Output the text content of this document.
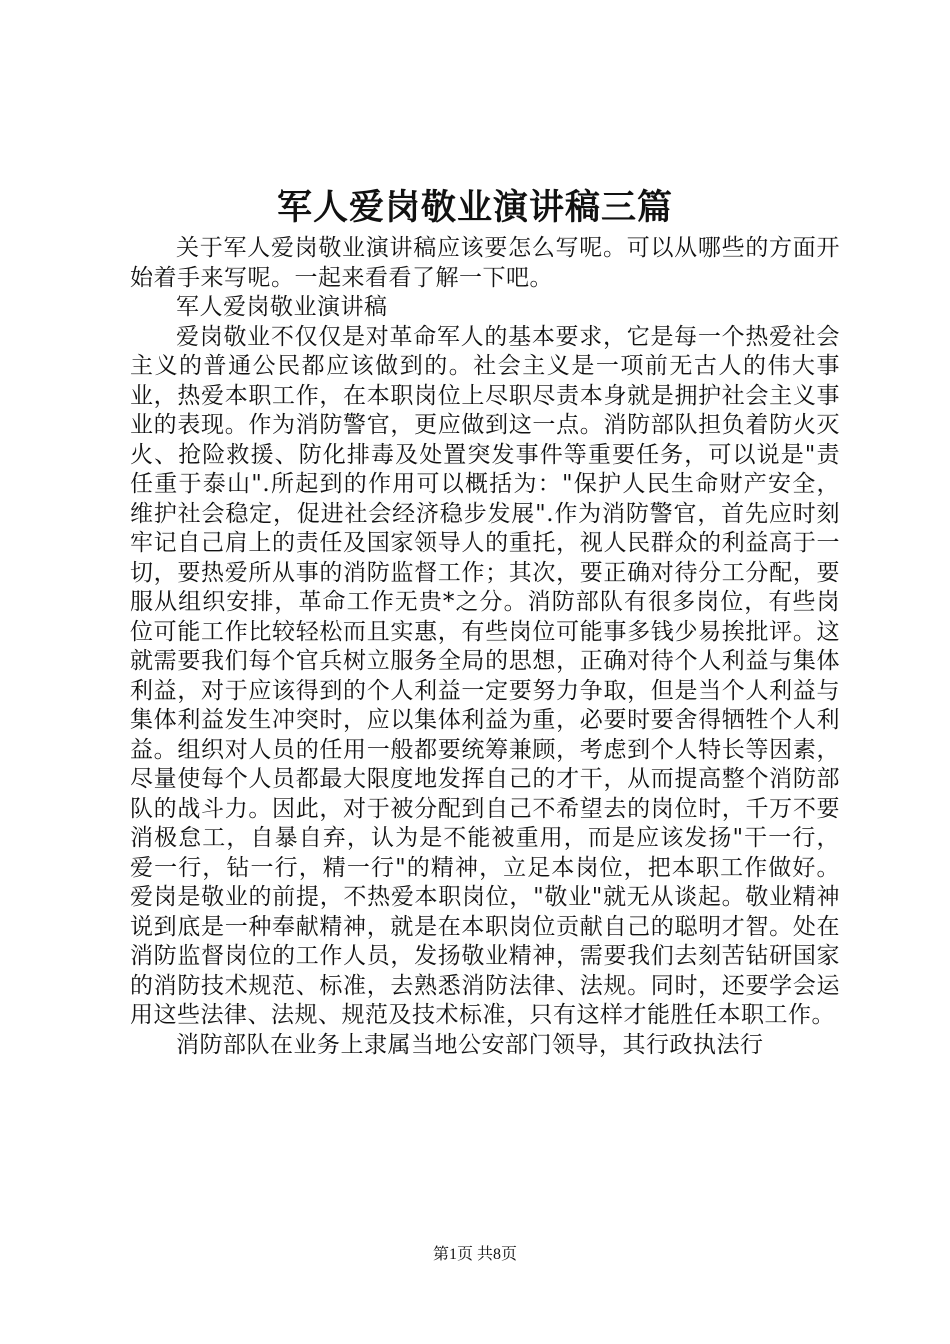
军人爱岗敬业演讲稿三篇

关于军人爱岗敬业演讲稿应该要怎么写呢。可以从哪些的方面开始着手来写呢。一起来看看了解一下吧。

军人爱岗敬业演讲稿

爱岗敬业不仅仅是对革命军人的基本要求，它是每一个热爱社会主义的普通公民都应该做到的。社会主义是一项前无古人的伟大事业，热爱本职工作，在本职岗位上尽职尽责本身就是拥护社会主义事业的表现。作为消防警官，更应做到这一点。消防部队担负着防火灭火、抢险救援、防化排毒及处置突发事件等重要任务，可以说是"责任重于泰山".所起到的作用可以概括为："保护人民生命财产安全，维护社会稳定，促进社会经济稳步发展".作为消防警官，首先应时刻牢记自己肩上的责任及国家领导人的重托，视人民群众的利益高于一切，要热爱所从事的消防监督工作；其次，要正确对待分工分配，要服从组织安排，革命工作无贵*之分。消防部队有很多岗位，有些岗位可能工作比较轻松而且实惠，有些岗位可能事多钱少易挨批评。这就需要我们每个官兵树立服务全局的思想，正确对待个人利益与集体利益，对于应该得到的个人利益一定要努力争取，但是当个人利益与集体利益发生冲突时，应以集体利益为重，必要时要舍得牺牲个人利益。组织对人员的任用一般都要统筹兼顾，考虑到个人特长等因素，尽量使每个人员都最大限度地发挥自己的才干，从而提高整个消防部队的战斗力。因此，对于被分配到自己不希望去的岗位时，千万不要消极怠工，自暴自弃，认为是不能被重用，而是应该发扬"干一行，爱一行，钻一行，精一行"的精神，立足本岗位，把本职工作做好。爱岗是敬业的前提，不热爱本职岗位，"敬业"就无从谈起。敬业精神说到底是一种奉献精神，就是在本职岗位贡献自己的聪明才智。处在消防监督岗位的工作人员，发扬敬业精神，需要我们去刻苦钻研国家的消防技术规范、标准，去熟悉消防法律、法规。同时，还要学会运用这些法律、法规、规范及技术标准，只有这样才能胜任本职工作。

消防部队在业务上隶属当地公安部门领导，其行政执法行

第1页 共8页
